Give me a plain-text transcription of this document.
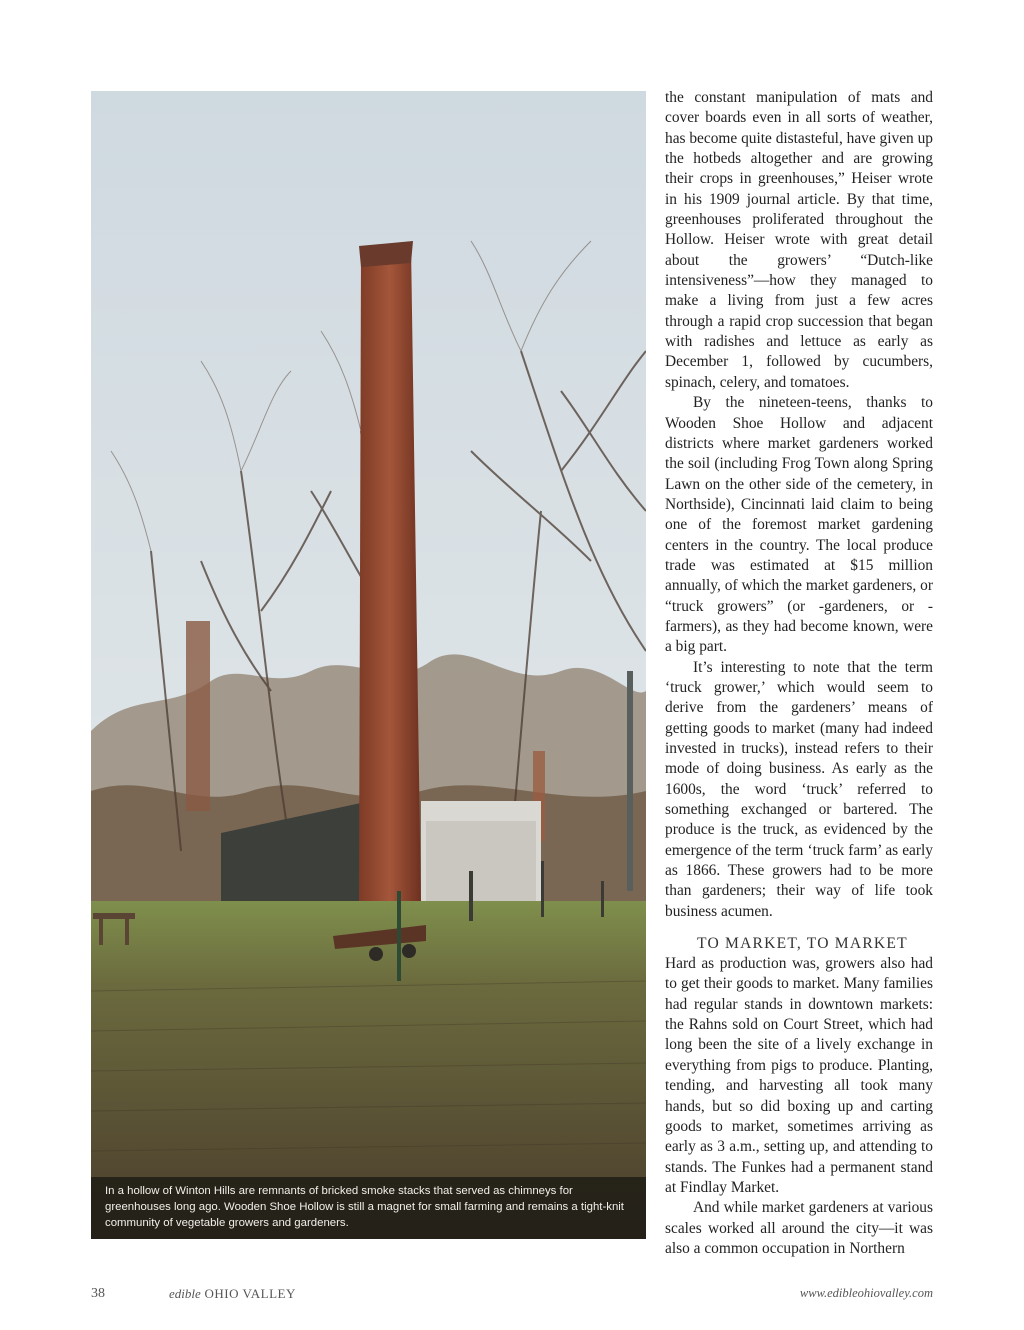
In a hollow of Winton Hills are remnants of bricked smoke stacks that served as chimneys for greenhouses long ago. Wooden Shoe Hollow is still a magnet for small farming and remains a tight-knit community of vegetable growers and gardeners.

the constant manipulation of mats and cover boards even in all sorts of weather, has become quite distasteful, have given up the hotbeds altogether and are growing their crops in greenhouses,” Heiser wrote in his 1909 journal article. By that time, greenhouses proliferated throughout the Hollow. Heiser wrote with great detail about the growers’ “Dutch-like intensiveness”—how they managed to make a living from just a few acres through a rapid crop succession that began with radishes and lettuce as early as December 1, followed by cucumbers, spinach, celery, and tomatoes.

By the nineteen-teens, thanks to Wooden Shoe Hollow and adjacent districts where market gardeners worked the soil (including Frog Town along Spring Lawn on the other side of the cemetery, in Northside), Cincinnati laid claim to being one of the foremost market gardening centers in the country. The local produce trade was estimated at $15 million annually, of which the market gardeners, or “truck growers” (or -gardeners, or -farmers), as they had become known, were a big part.

It’s interesting to note that the term ‘truck grower,’ which would seem to derive from the gardeners’ means of getting goods to market (many had indeed invested in trucks), instead refers to their mode of doing business. As early as the 1600s, the word ‘truck’ referred to something exchanged or bartered. The produce is the truck, as evidenced by the emergence of the term ‘truck farm’ as early as 1866. These growers had to be more than gardeners; their way of life took business acumen.

TO MARKET, TO MARKET

Hard as production was, growers also had to get their goods to market. Many families had regular stands in downtown markets: the Rahns sold on Court Street, which had long been the site of a lively exchange in everything from pigs to produce. Planting, tending, and harvesting all took many hands, but so did boxing up and carting goods to market, sometimes arriving as early as 3 a.m., setting up, and attending to stands. The Funkes had a permanent stand at Findlay Market.

And while market gardeners at various scales worked all around the city—it was also a common occupation in Northern

38	edible OHIO VALLEY	www.edibleohiovalley.com
